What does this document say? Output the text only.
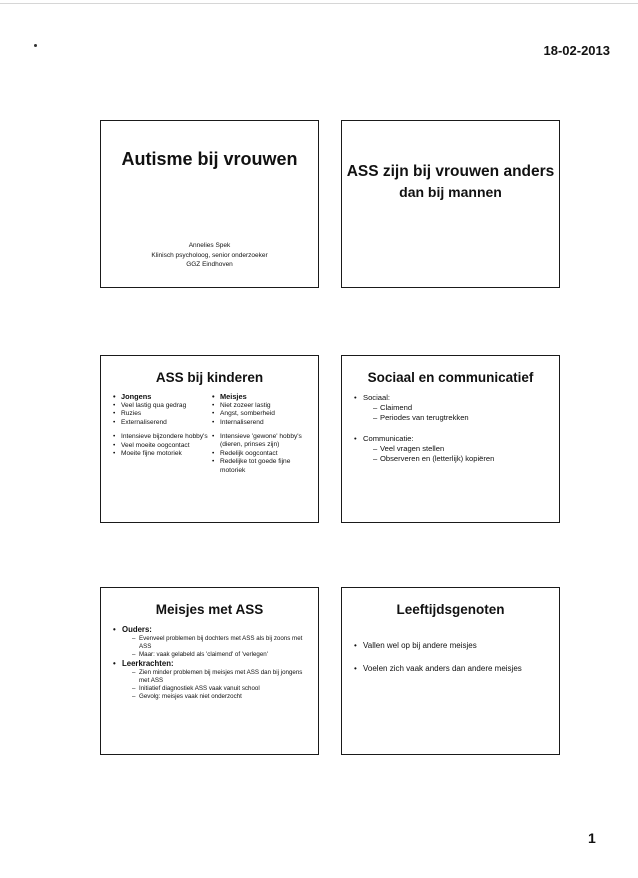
18-02-2013
Autisme bij vrouwen
Annelies Spek
Klinisch psycholoog, senior onderzoeker
GGZ Eindhoven
ASS zijn bij vrouwen anders
dan bij mannen
ASS bij kinderen
• Jongens
• Veel lastig qua gedrag
• Ruzies
• Externaliserend
• Intensieve bijzondere hobby's
• Veel moeite oogcontact
• Moeite fijne motoriek
• Meisjes
• Niet zozeer lastig
• Angst, somberheid
• Internaliserend
• Intensieve 'gewone' hobby's (dieren, prinses zijn)
• Redelijk oogcontact
• Redelijke tot goede fijne motoriek
Sociaal en communicatief
• Sociaal:
– Claimend
– Periodes van terugtrekken
• Communicatie:
– Veel vragen stellen
– Observeren en (letterlijk) kopiëren
Meisjes met ASS
• Ouders:
– Evenveel problemen bij dochters met ASS als bij zoons met ASS
– Maar: vaak gelabeld als 'claimend' of 'verlegen'
• Leerkrachten:
– Zien minder problemen bij meisjes met ASS dan bij jongens met ASS
– Initiatief diagnostiek ASS vaak vanuit school
– Gevolg: meisjes vaak niet onderzocht
Leeftijdsgenoten
• Vallen wel op bij andere meisjes
• Voelen zich vaak anders dan andere meisjes
1
